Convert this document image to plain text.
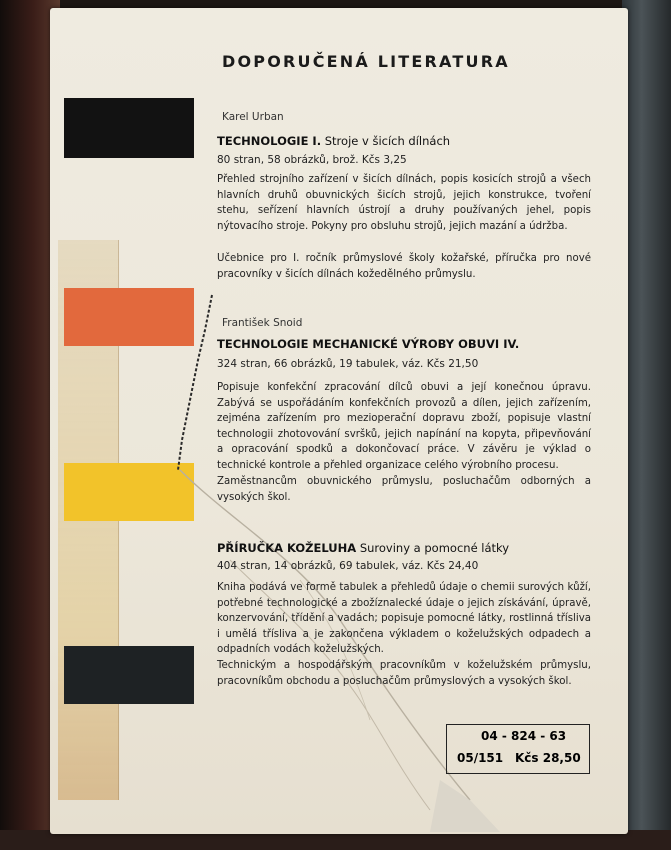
DOPORUČENÁ LITERATURA
Karel Urban
TECHNOLOGIE I. Stroje v šicích dílnách
80 stran, 58 obrázků, brož. Kčs 3,25
Přehled strojního zařízení v šicích dílnách, popis kosicích strojů a všech hlavních druhů obuvnických šicích strojů, jejich konstrukce, tvoření stehu, seřízení hlavních ústrojí a druhy používaných jehel, popis nýtovacího stroje. Pokyny pro obsluhu strojů, jejich mazání a údržba.
Učebnice pro I. ročník průmyslové školy kožařské, příručka pro nové pracovníky v šicích dílnách kožedělného průmyslu.
František Snoid
TECHNOLOGIE MECHANICKÉ VÝROBY OBUVI IV.
324 stran, 66 obrázků, 19 tabulek, váz. Kčs 21,50
Popisuje konfekční zpracování dílců obuvi a její konečnou úpravu. Zabývá se uspořádáním konfekčních provozů a dílen, jejich zařízením, zejména zařízením pro mezioperační dopravu zboží, popisuje vlastní technologii zhotovování svršků, jejich napínání na kopyta, připevňování a opracování spodků a dokončovací práce. V závěru je výklad o technické kontrole a přehled organizace celého výrobního procesu.
Zaměstnancům obuvnického průmyslu, posluchačům odborných a vysokých škol.
PŘÍRUČKA KOŽELUHA Suroviny a pomocné látky
404 stran, 14 obrázků, 69 tabulek, váz. Kčs 24,40
Kniha podává ve formě tabulek a přehledů údaje o chemii surových kůží, potřebné technologické a zbožíznalecké údaje o jejich získávání, úpravě, konzervování, třídění a vadách; popisuje pomocné látky, rostlinná třísliva i umělá třísliva a je zakončena výkladem o koželužských odpadech a odpadních vodách koželužských.
Technickým a hospodářským pracovníkům v koželužském průmyslu, pracovníkům obchodu a posluchačům průmyslových a vysokých škol.
04 - 824 - 63
05/151 Kčs 28,50
